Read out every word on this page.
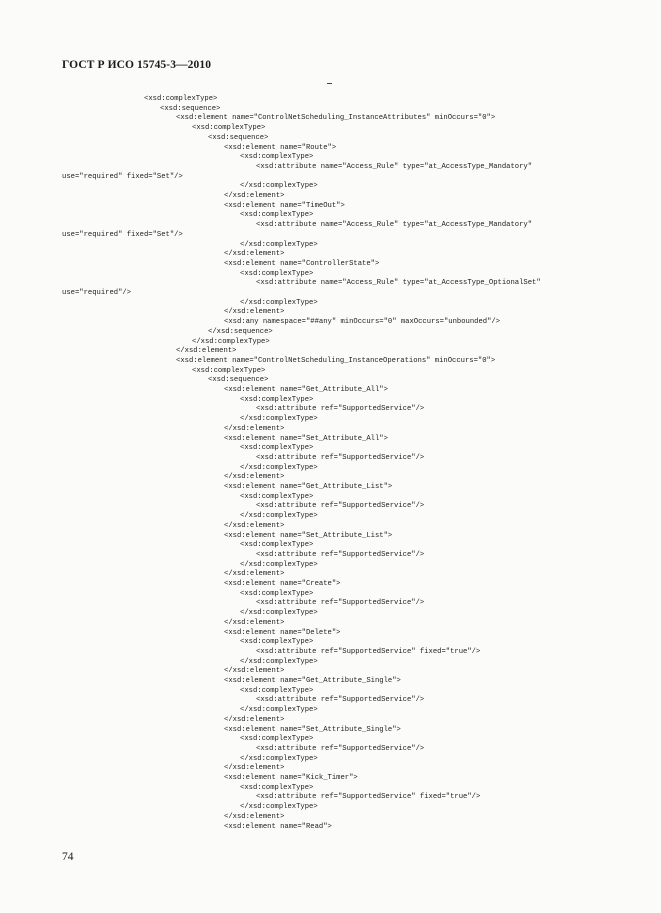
ГОСТ Р ИСО 15745-3—2010
<xsd:complexType>
<xsd:sequence>
<xsd:element name="ControlNetScheduling_InstanceAttributes" minOccurs="0">
<xsd:complexType>
<xsd:sequence>
<xsd:element name="Route">
<xsd:complexType>
<xsd:attribute name="Access_Rule" type="at_AccessType_Mandatory"
use="required" fixed="Set"/>
</xsd:complexType>
</xsd:element>
<xsd:element name="TimeOut">
<xsd:complexType>
<xsd:attribute name="Access_Rule" type="at_AccessType_Mandatory"
use="required" fixed="Set"/>
</xsd:complexType>
</xsd:element>
<xsd:element name="ControllerState">
<xsd:complexType>
<xsd:attribute name="Access_Rule" type="at_AccessType_OptionalSet"
use="required"/>
</xsd:complexType>
</xsd:element>
<xsd:any namespace="##any" minOccurs="0" maxOccurs="unbounded"/>
</xsd:sequence>
</xsd:complexType>
</xsd:element>
<xsd:element name="ControlNetScheduling_InstanceOperations" minOccurs="0">
<xsd:complexType>
<xsd:sequence>
<xsd:element name="Get_Attribute_All">
<xsd:complexType>
<xsd:attribute ref="SupportedService"/>
</xsd:complexType>
</xsd:element>
<xsd:element name="Set_Attribute_All">
<xsd:complexType>
<xsd:attribute ref="SupportedService"/>
</xsd:complexType>
</xsd:element>
<xsd:element name="Get_Attribute_List">
<xsd:complexType>
<xsd:attribute ref="SupportedService"/>
</xsd:complexType>
</xsd:element>
<xsd:element name="Set_Attribute_List">
<xsd:complexType>
<xsd:attribute ref="SupportedService"/>
</xsd:complexType>
</xsd:element>
<xsd:element name="Create">
<xsd:complexType>
<xsd:attribute ref="SupportedService"/>
</xsd:complexType>
</xsd:element>
<xsd:element name="Delete">
<xsd:complexType>
<xsd:attribute ref="SupportedService" fixed="true"/>
</xsd:complexType>
</xsd:element>
<xsd:element name="Get_Attribute_Single">
<xsd:complexType>
<xsd:attribute ref="SupportedService"/>
</xsd:complexType>
</xsd:element>
<xsd:element name="Set_Attribute_Single">
<xsd:complexType>
<xsd:attribute ref="SupportedService"/>
</xsd:complexType>
</xsd:element>
<xsd:element name="Kick_Timer">
<xsd:complexType>
<xsd:attribute ref="SupportedService" fixed="true"/>
</xsd:complexType>
</xsd:element>
<xsd:element name="Read">
74
